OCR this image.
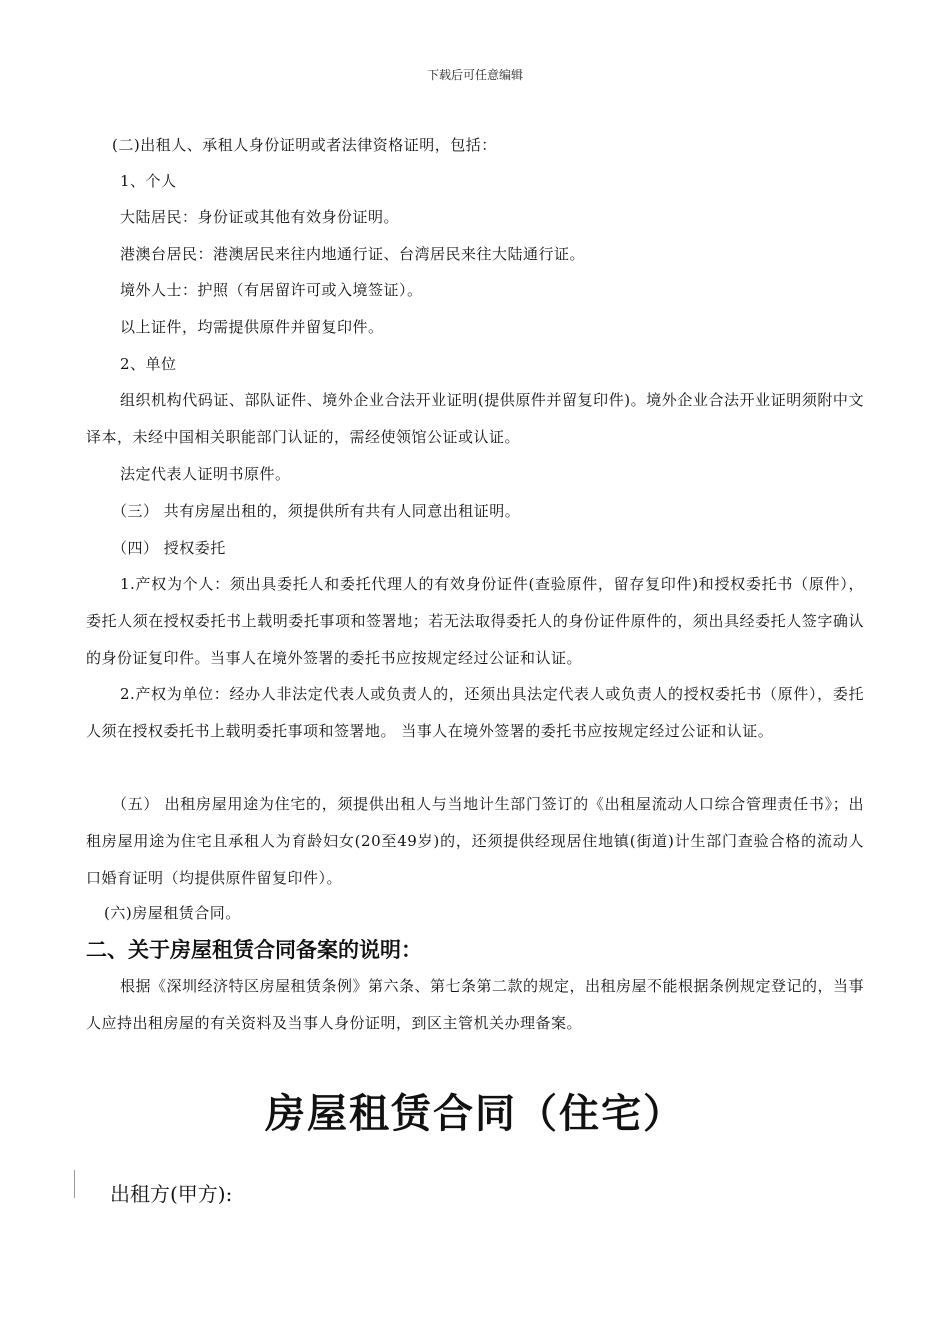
下载后可任意编辑
(二)出租人、承租人身份证明或者法律资格证明，包括：
1、个人
大陆居民：身份证或其他有效身份证明。
港澳台居民：港澳居民来往内地通行证、台湾居民来往大陆通行证。
境外人士：护照（有居留许可或入境签证）。
以上证件，均需提供原件并留复印件。
2、单位
组织机构代码证、部队证件、境外企业合法开业证明(提供原件并留复印件)。境外企业合法开业证明须附中文译本，未经中国相关职能部门认证的，需经使领馆公证或认证。
法定代表人证明书原件。
（三） 共有房屋出租的，须提供所有共有人同意出租证明。
（四） 授权委托
1.产权为个人：须出具委托人和委托代理人的有效身份证件(查验原件，留存复印件)和授权委托书（原件），委托人须在授权委托书上载明委托事项和签署地；若无法取得委托人的身份证件原件的，须出具经委托人签字确认的身份证复印件。当事人在境外签署的委托书应按规定经过公证和认证。
2.产权为单位：经办人非法定代表人或负责人的，还须出具法定代表人或负责人的授权委托书（原件），委托人须在授权委托书上载明委托事项和签署地。 当事人在境外签署的委托书应按规定经过公证和认证。
（五） 出租房屋用途为住宅的，须提供出租人与当地计生部门签订的《出租屋流动人口综合管理责任书》；出租房屋用途为住宅且承租人为育龄妇女(20至49岁)的，还须提供经现居住地镇(街道)计生部门查验合格的流动人口婚育证明（均提供原件留复印件）。
(六)房屋租赁合同。
二、关于房屋租赁合同备案的说明：
根据《深圳经济特区房屋租赁条例》第六条、第七条第二款的规定，出租房屋不能根据条例规定登记的，当事人应持出租房屋的有关资料及当事人身份证明，到区主管机关办理备案。
房屋租赁合同（住宅）
出租方(甲方):
